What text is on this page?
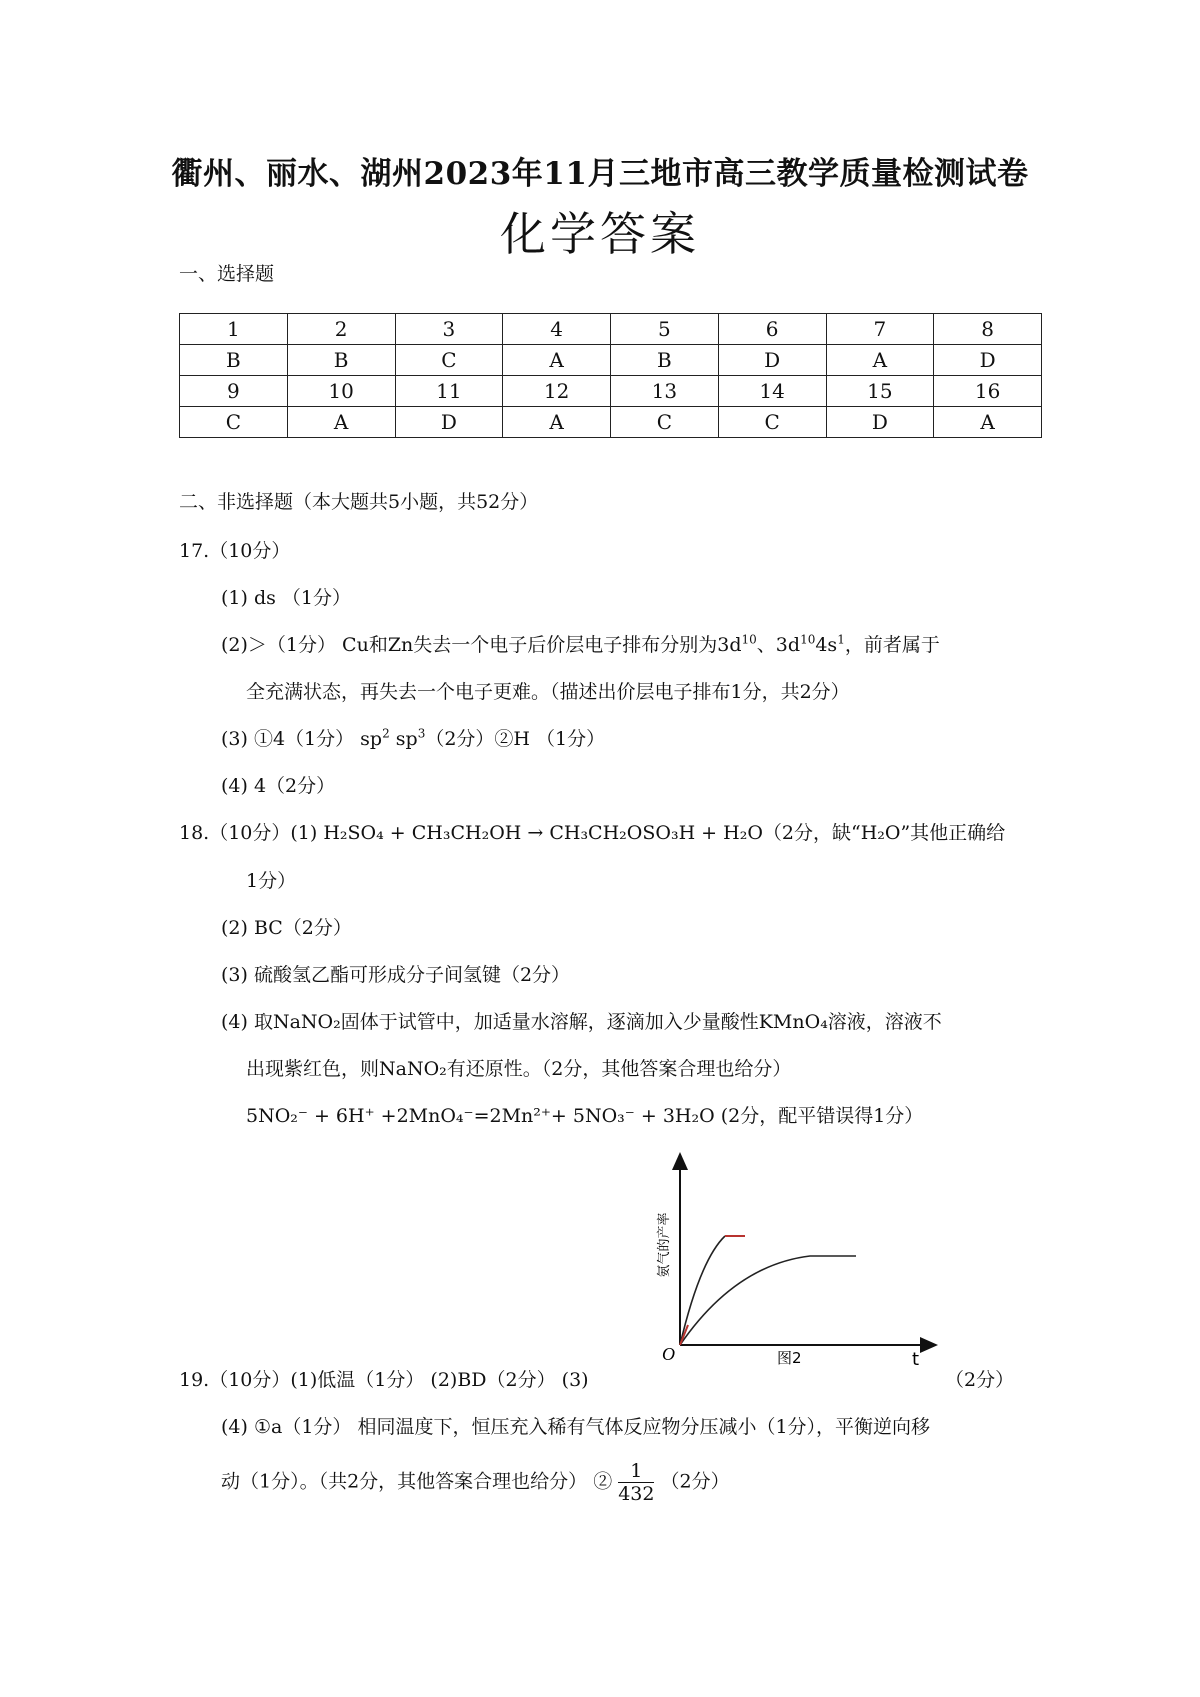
衢州、丽水、湖州2023年11月三地市高三教学质量检测试卷
化学答案
一、选择题
1	2	3	4	5	6	7	8
B	B	C	A	B	D	A	D
9	10	11	12	13	14	15	16
C	A	D	A	C	C	D	A
二、非选择题（本大题共5小题，共52分）
17.（10分）
(1) ds （1分）
(2)＞（1分） Cu和Zn失去一个电子后价层电子排布分别为$3d^{10}$、$3d^{10}4s^1$，前者属于
全充满状态，再失去一个电子更难。（描述出价层电子排布1分，共2分）
(3) ①4（1分） $sp^2$ $sp^3(2$分）②H （1分）
(4) 4（2分）
18.（10分）(1) H₂SO₄ + CH₃CH₂OH → CH₃CH₂OSO₃H + H₂O（2分，缺“H₂O”其他正确给
1分）
(2) BC（2分）
(3) 硫酸氢乙酯可形成分子间氢键（2分）
(4) 取NaNO₂固体于试管中，加适量水溶解，逐滴加入少量酸性KMnO₄溶液，溶液不
出现紫红色，则NaNO₂有还原性。（2分，其他答案合理也给分）
5NO₂⁻ + 6H⁺ +2MnO₄⁻=2Mn²⁺+ 5NO₃⁻ + 3H₂O (2分，配平错误得1分）
氨气的产率
O	图2	t
19.（10分）(1)低温（1分） (2)BD（2分） (3)	（2分）
(4) ①a（1分） 相同温度下，恒压充入稀有气体反应物分压减小（1分），平衡逆向移
动（1分）。（共2分，其他答案合理也给分） ② $\frac{1}{432} (2$分）
